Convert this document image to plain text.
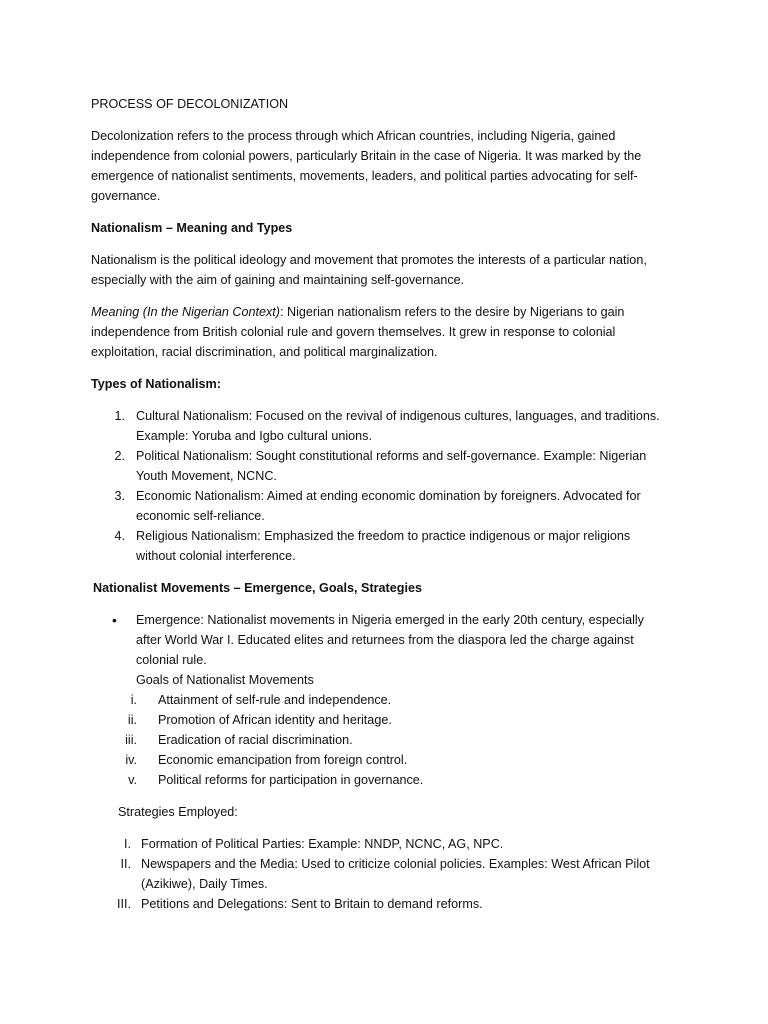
PROCESS OF DECOLONIZATION

Decolonization refers to the process through which African countries, including Nigeria, gained independence from colonial powers, particularly Britain in the case of Nigeria. It was marked by the emergence of nationalist sentiments, movements, leaders, and political parties advocating for self-governance.

Nationalism – Meaning and Types

Nationalism is the political ideology and movement that promotes the interests of a particular nation, especially with the aim of gaining and maintaining self-governance.

Meaning (In the Nigerian Context): Nigerian nationalism refers to the desire by Nigerians to gain independence from British colonial rule and govern themselves. It grew in response to colonial exploitation, racial discrimination, and political marginalization.

Types of Nationalism:

1. Cultural Nationalism: Focused on the revival of indigenous cultures, languages, and traditions. Example: Yoruba and Igbo cultural unions.
2. Political Nationalism: Sought constitutional reforms and self-governance. Example: Nigerian Youth Movement, NCNC.
3. Economic Nationalism: Aimed at ending economic domination by foreigners. Advocated for economic self-reliance.
4. Religious Nationalism: Emphasized the freedom to practice indigenous or major religions without colonial interference.

Nationalist Movements – Emergence, Goals, Strategies

• Emergence: Nationalist movements in Nigeria emerged in the early 20th century, especially after World War I. Educated elites and returnees from the diaspora led the charge against colonial rule.
Goals of Nationalist Movements
i. Attainment of self-rule and independence.
ii. Promotion of African identity and heritage.
iii. Eradication of racial discrimination.
iv. Economic emancipation from foreign control.
v. Political reforms for participation in governance.

Strategies Employed:

I. Formation of Political Parties: Example: NNDP, NCNC, AG, NPC.
II. Newspapers and the Media: Used to criticize colonial policies. Examples: West African Pilot (Azikiwe), Daily Times.
III. Petitions and Delegations: Sent to Britain to demand reforms.
